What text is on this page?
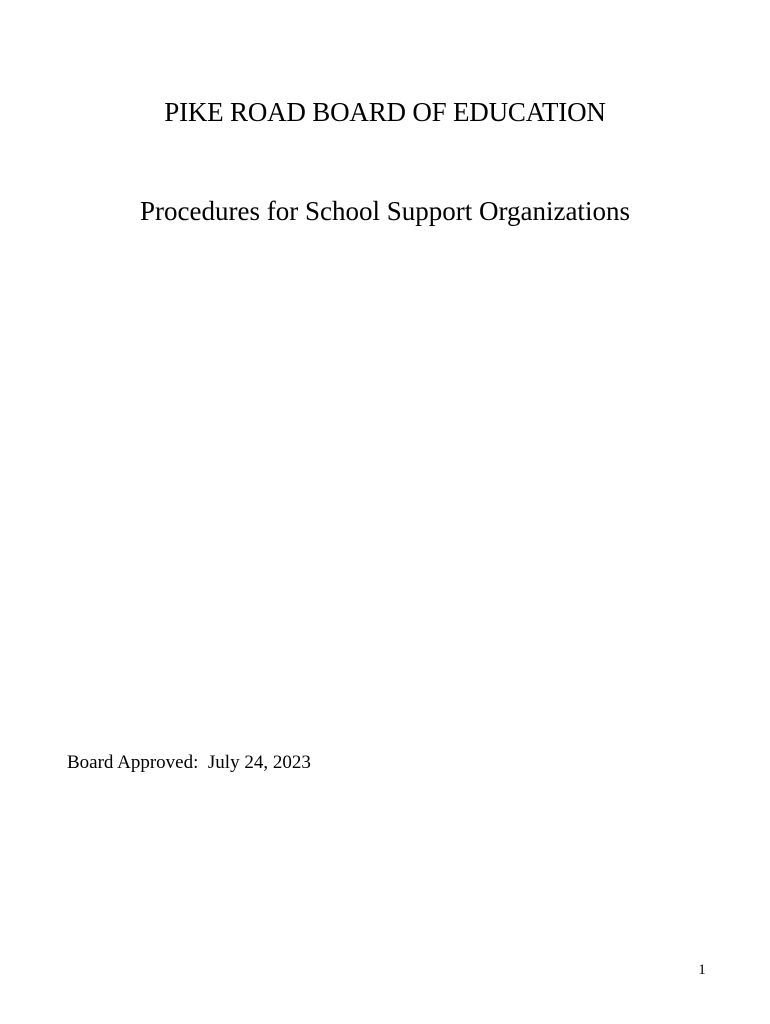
PIKE ROAD BOARD OF EDUCATION
Procedures for School Support Organizations
Board Approved:  July 24, 2023
1
